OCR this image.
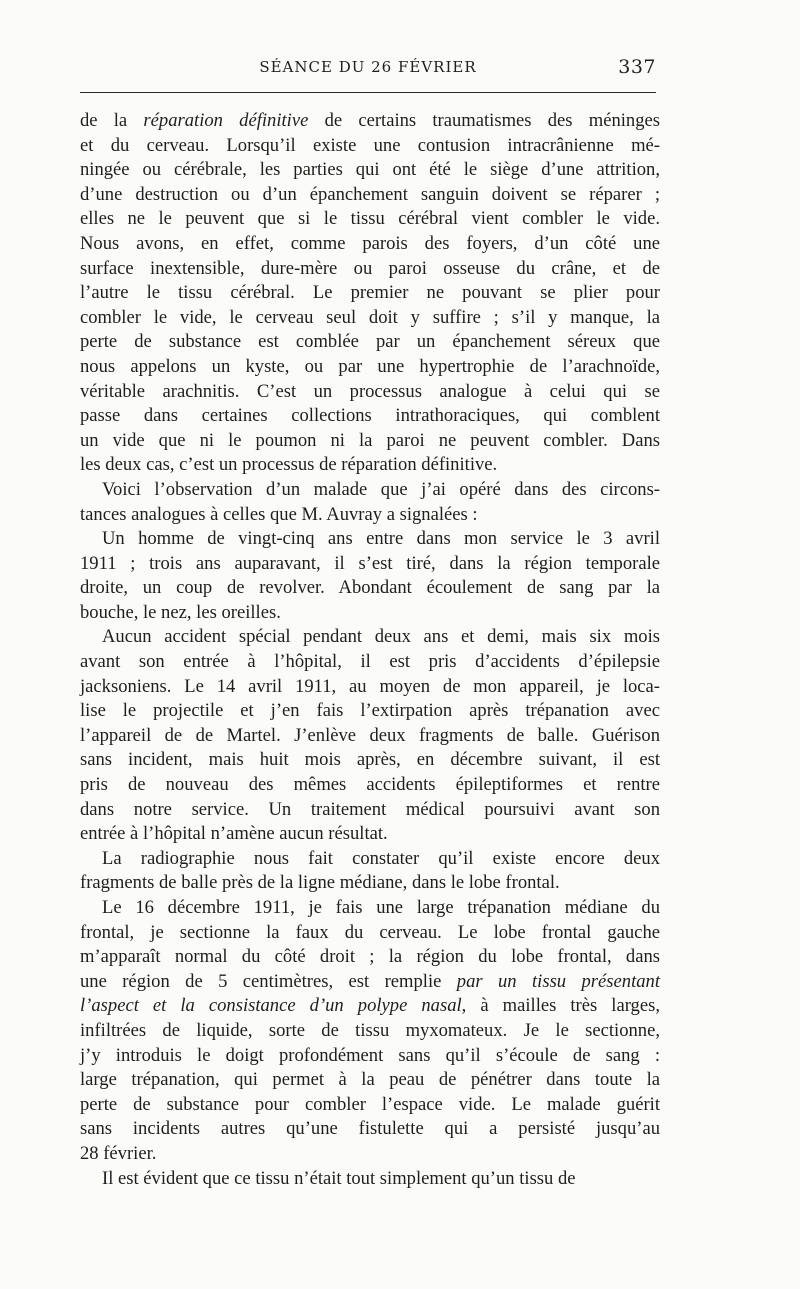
SÉANCE DU 26 FÉVRIER	337
de la réparation définitive de certains traumatismes des méninges
et du cerveau. Lorsqu’il existe une contusion intracrânienne mé-
ningée ou cérébrale, les parties qui ont été le siège d’une attrition,
d’une destruction ou d’un épanchement sanguin doivent se réparer ;
elles ne le peuvent que si le tissu cérébral vient combler le vide.
Nous avons, en effet, comme parois des foyers, d’un côté une
surface inextensible, dure-mère ou paroi osseuse du crâne, et de
l’autre le tissu cérébral. Le premier ne pouvant se plier pour
combler le vide, le cerveau seul doit y suffire ; s’il y manque, la
perte de substance est comblée par un épanchement séreux que
nous appelons un kyste, ou par une hypertrophie de l’arachnoïde,
véritable arachnitis. C’est un processus analogue à celui qui se
passe dans certaines collections intrathoraciques, qui comblent
un vide que ni le poumon ni la paroi ne peuvent combler. Dans
les deux cas, c’est un processus de réparation définitive.
Voici l’observation d’un malade que j’ai opéré dans des circons-
tances analogues à celles que M. Auvray a signalées :
Un homme de vingt-cinq ans entre dans mon service le 3 avril
1911 ; trois ans auparavant, il s’est tiré, dans la région temporale
droite, un coup de revolver. Abondant écoulement de sang par la
bouche, le nez, les oreilles.
Aucun accident spécial pendant deux ans et demi, mais six mois
avant son entrée à l’hôpital, il est pris d’accidents d’épilepsie
jacksoniens. Le 14 avril 1911, au moyen de mon appareil, je loca-
lise le projectile et j’en fais l’extirpation après trépanation avec
l’appareil de de Martel. J’enlève deux fragments de balle. Guérison
sans incident, mais huit mois après, en décembre suivant, il est
pris de nouveau des mêmes accidents épileptiformes et rentre
dans notre service. Un traitement médical poursuivi avant son
entrée à l’hôpital n’amène aucun résultat.
La radiographie nous fait constater qu’il existe encore deux
fragments de balle près de la ligne médiane, dans le lobe frontal.
Le 16 décembre 1911, je fais une large trépanation médiane du
frontal, je sectionne la faux du cerveau. Le lobe frontal gauche
m’apparaît normal du côté droit ; la région du lobe frontal, dans
une région de 5 centimètres, est remplie par un tissu présentant
l’aspect et la consistance d’un polype nasal, à mailles très larges,
infiltrées de liquide, sorte de tissu myxomateux. Je le sectionne,
j’y introduis le doigt profondément sans qu’il s’écoule de sang :
large trépanation, qui permet à la peau de pénétrer dans toute la
perte de substance pour combler l’espace vide. Le malade guérit
sans incidents autres qu’une fistulette qui a persisté jusqu’au
28 février.
Il est évident que ce tissu n’était tout simplement qu’un tissu de
